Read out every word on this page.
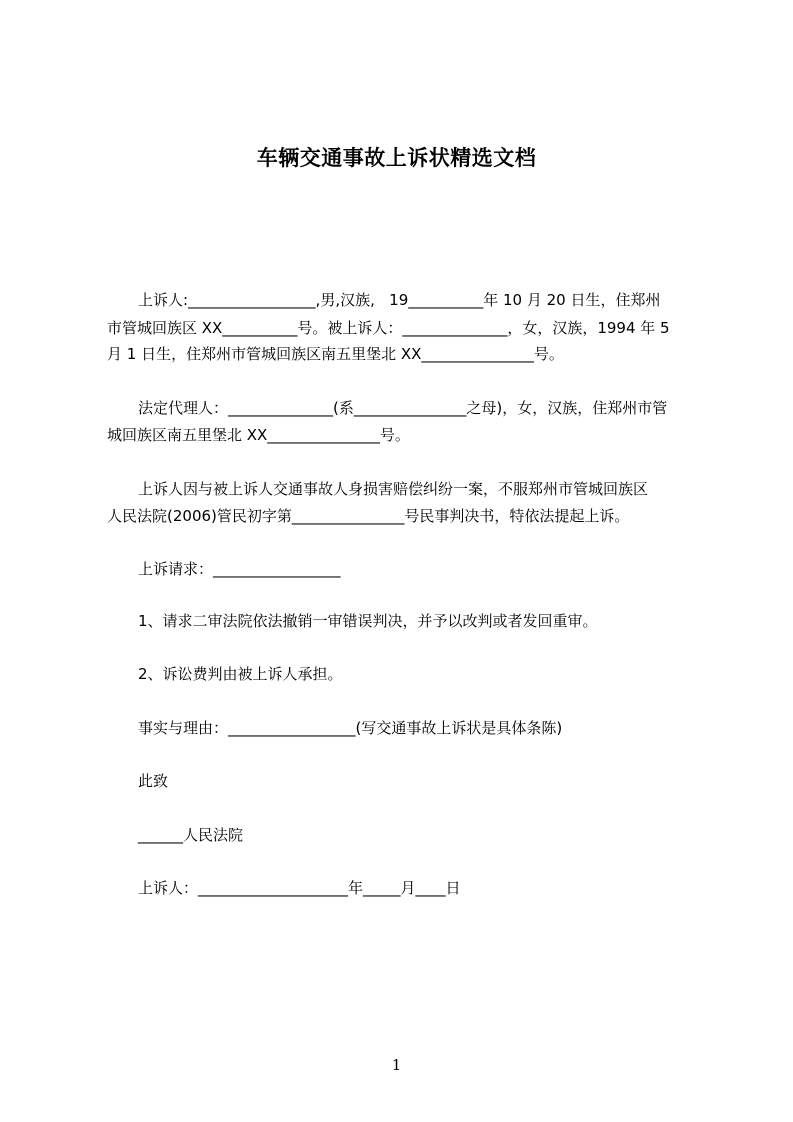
车辆交通事故上诉状精选文档
上诉人:_________________,男,汉族,   19__________年 10 月 20 日生，住郑州
市管城回族区 XX__________号。被上诉人：______________，女，汉族，1994 年 5
月 1 日生，住郑州市管城回族区南五里堡北 XX_______________号。
法定代理人：______________(系_______________之母)，女，汉族，住郑州市管
城回族区南五里堡北 XX_______________号。
上诉人因与被上诉人交通事故人身损害赔偿纠纷一案，不服郑州市管城回族区
人民法院(2006)管民初字第_______________号民事判决书，特依法提起上诉。
上诉请求：_________________
1、请求二审法院依法撤销一审错误判决，并予以改判或者发回重审。
2、诉讼费判由被上诉人承担。
事实与理由：_________________(写交通事故上诉状是具体条陈)
此致
______人民法院
上诉人：____________________年_____月____日
1
